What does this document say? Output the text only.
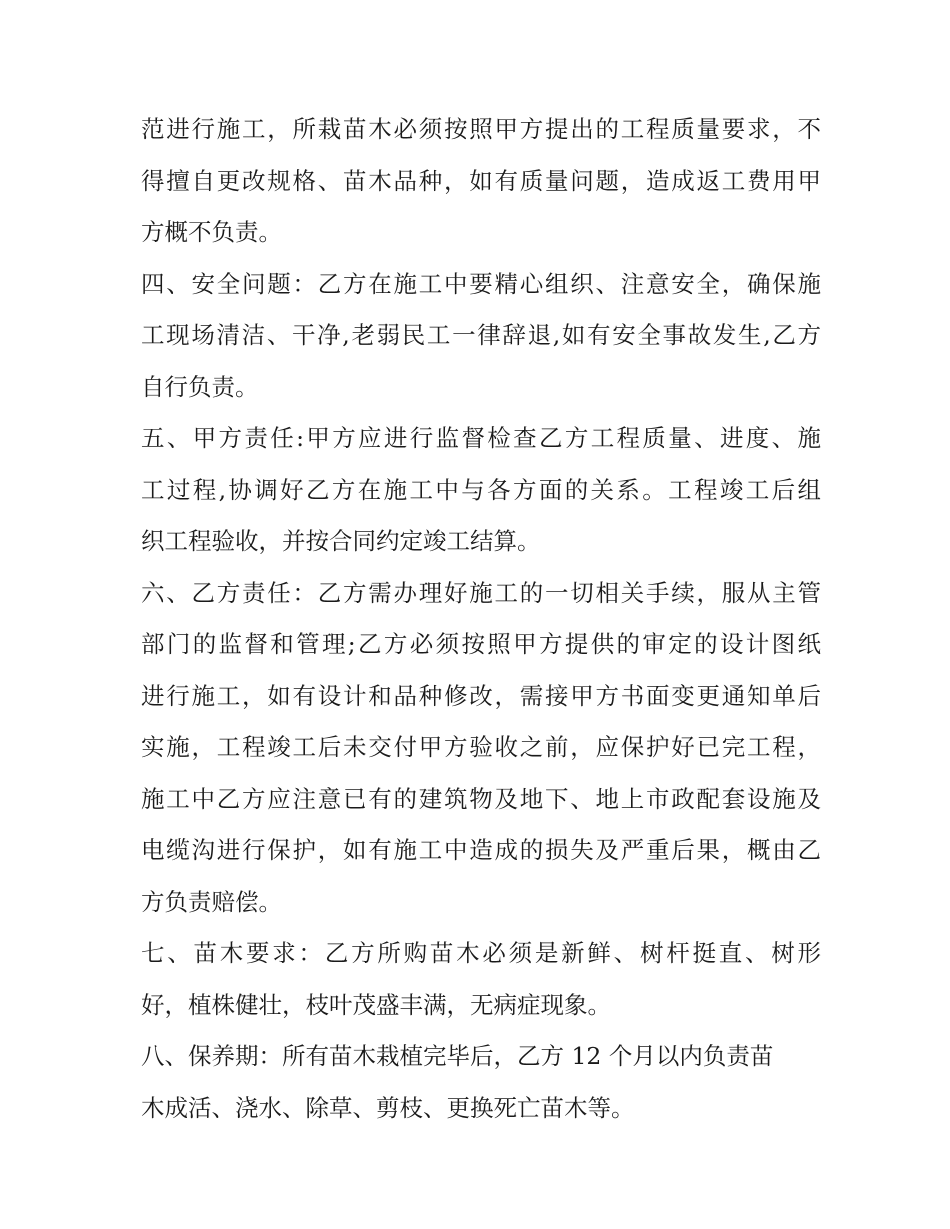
范进行施工，所栽苗木必须按照甲方提出的工程质量要求，不
得擅自更改规格、苗木品种，如有质量问题，造成返工费用甲
方概不负责。
四、安全问题：乙方在施工中要精心组织、注意安全，确保施
工现场清洁、干净,老弱民工一律辞退,如有安全事故发生,乙方
自行负责。
五、甲方责任:甲方应进行监督检查乙方工程质量、进度、施
工过程,协调好乙方在施工中与各方面的关系。工程竣工后组
织工程验收，并按合同约定竣工结算。
六、乙方责任：乙方需办理好施工的一切相关手续，服从主管
部门的监督和管理;乙方必须按照甲方提供的审定的设计图纸
进行施工，如有设计和品种修改，需接甲方书面变更通知单后
实施，工程竣工后未交付甲方验收之前，应保护好已完工程，
施工中乙方应注意已有的建筑物及地下、地上市政配套设施及
电缆沟进行保护，如有施工中造成的损失及严重后果，概由乙
方负责赔偿。
七、苗木要求：乙方所购苗木必须是新鲜、树杆挺直、树形
好，植株健壮，枝叶茂盛丰满，无病症现象。
八、保养期：所有苗木栽植完毕后，乙方 12 个月以内负责苗
木成活、浇水、除草、剪枝、更换死亡苗木等。
